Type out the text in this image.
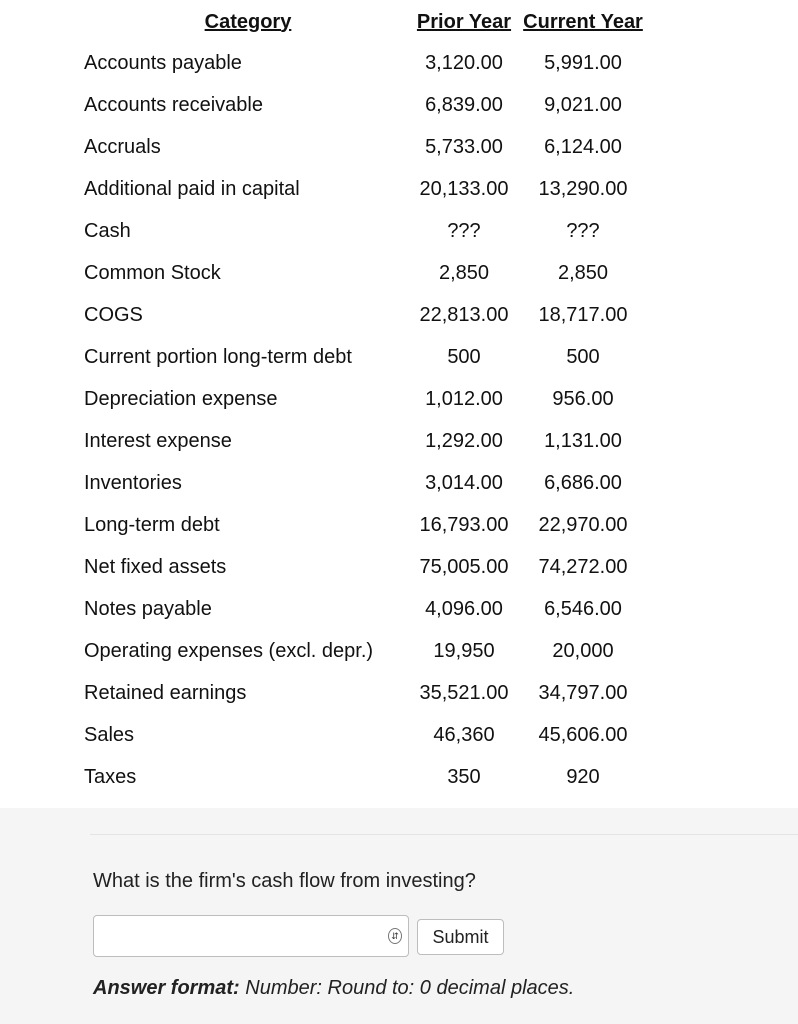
Category	Prior Year	Current Year
Accounts payable	3,120.00	5,991.00
Accounts receivable	6,839.00	9,021.00
Accruals	5,733.00	6,124.00
Additional paid in capital	20,133.00	13,290.00
Cash	???	???
Common Stock	2,850	2,850
COGS	22,813.00	18,717.00
Current portion long-term debt	500	500
Depreciation expense	1,012.00	956.00
Interest expense	1,292.00	1,131.00
Inventories	3,014.00	6,686.00
Long-term debt	16,793.00	22,970.00
Net fixed assets	75,005.00	74,272.00
Notes payable	4,096.00	6,546.00
Operating expenses (excl. depr.)	19,950	20,000
Retained earnings	35,521.00	34,797.00
Sales	46,360	45,606.00
Taxes	350	920
What is the firm's cash flow from investing?
⇵	Submit
Answer format: Number: Round to: 0 decimal places.
